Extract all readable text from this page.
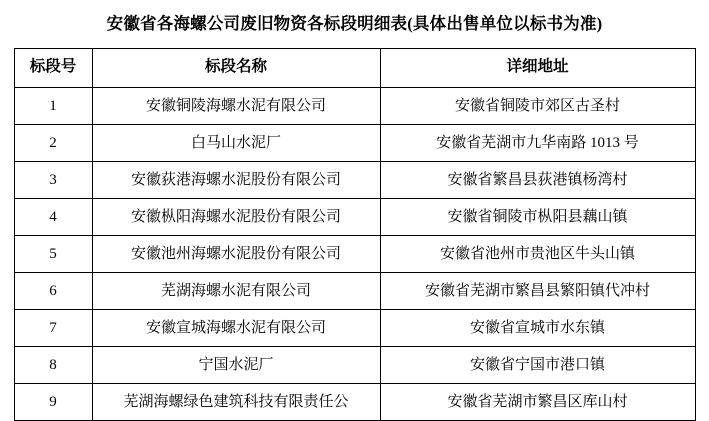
安徽省各海螺公司废旧物资各标段明细表(具体出售单位以标书为准)
标段号	标段名称	详细地址
1	安徽铜陵海螺水泥有限公司	安徽省铜陵市郊区古圣村
2	白马山水泥厂	安徽省芜湖市九华南路 1013 号
3	安徽荻港海螺水泥股份有限公司	安徽省繁昌县荻港镇杨湾村
4	安徽枞阳海螺水泥股份有限公司	安徽省铜陵市枞阳县藕山镇
5	安徽池州海螺水泥股份有限公司	安徽省池州市贵池区牛头山镇
6	芜湖海螺水泥有限公司	安徽省芜湖市繁昌县繁阳镇代冲村
7	安徽宣城海螺水泥有限公司	安徽省宣城市水东镇
8	宁国水泥厂	安徽省宁国市港口镇
9	芜湖海螺绿色建筑科技有限责任公	安徽省芜湖市繁昌区库山村
